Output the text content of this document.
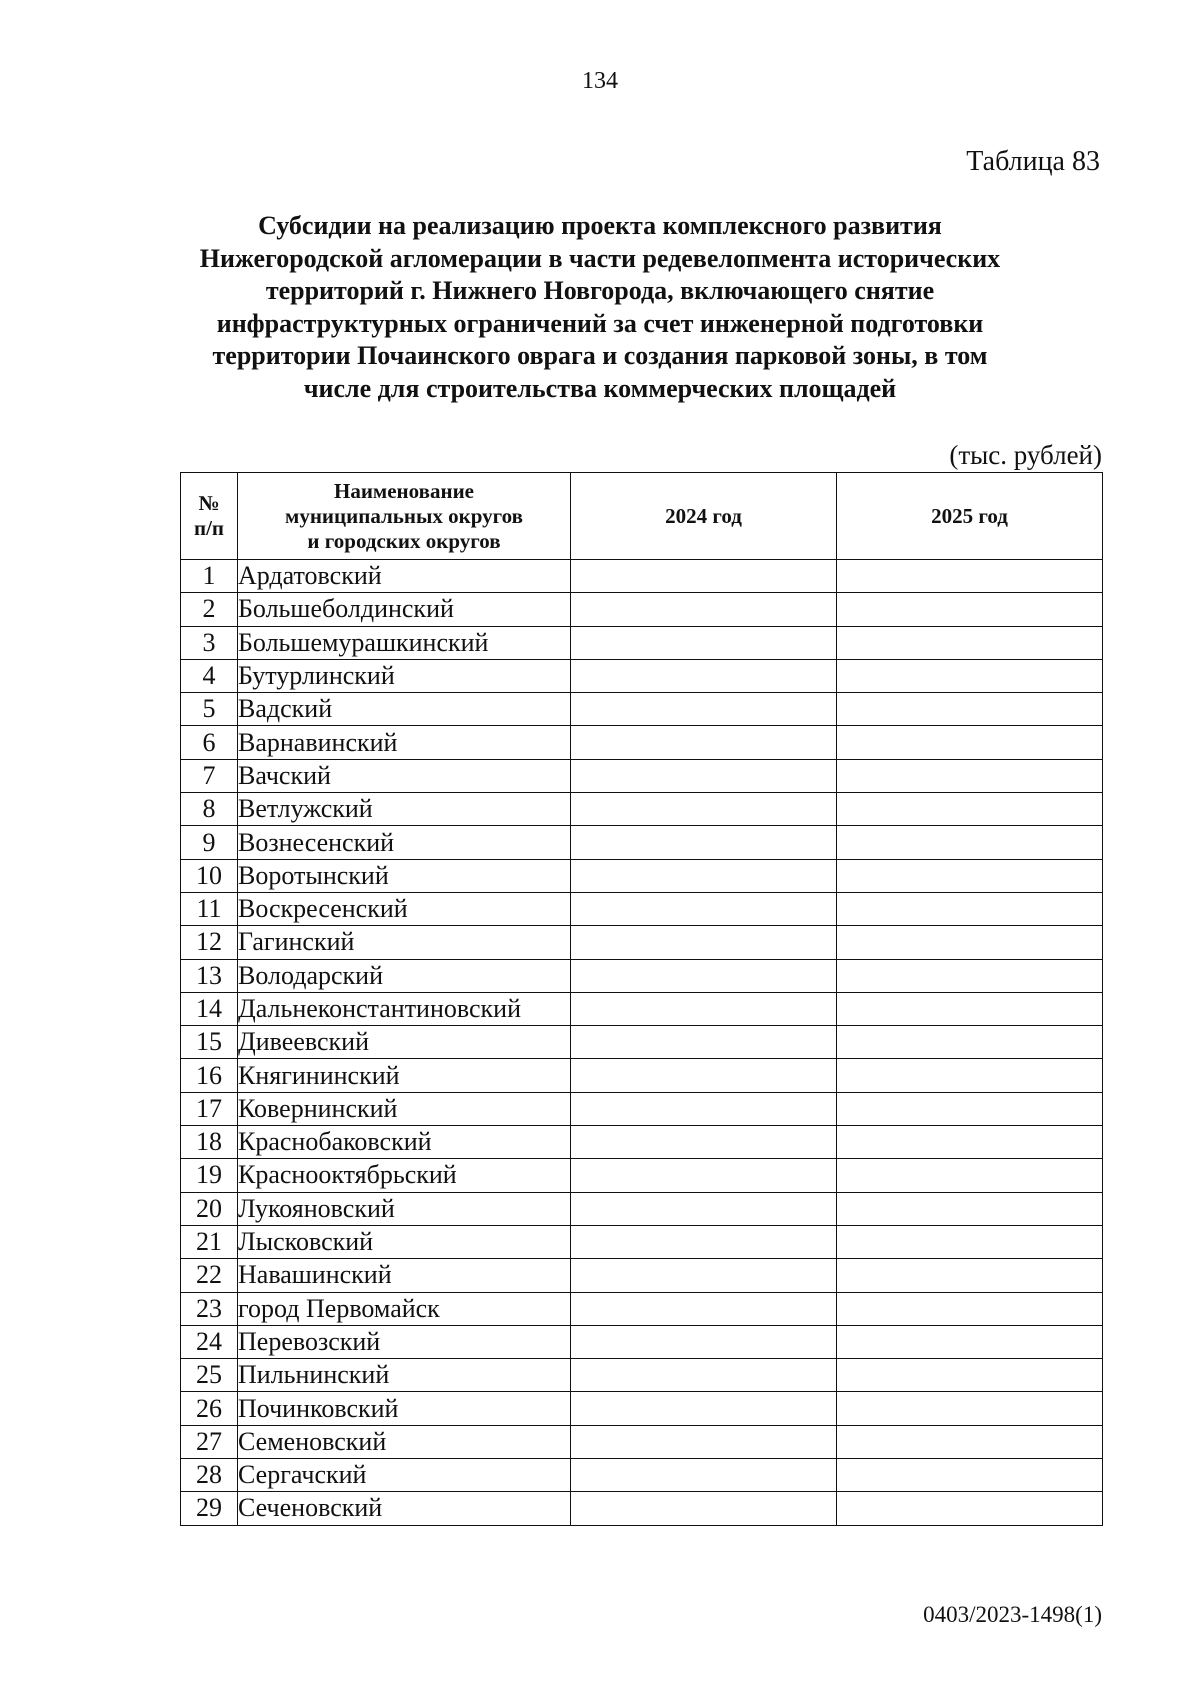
134
Таблица 83
Субсидии на реализацию проекта комплексного развития
Нижегородской агломерации в части редевелопмента исторических
территорий г. Нижнего Новгорода, включающего снятие
инфраструктурных ограничений за счет инженерной подготовки
территории Почаинского оврага и создания парковой зоны, в том
числе для строительства коммерческих площадей
(тыс. рублей)
№
п/п	Наименование
муниципальных округов
и городских округов	2024 год	2025 год
1	Ардатовский		
2	Большеболдинский		
3	Большемурашкинский		
4	Бутурлинский		
5	Вадский		
6	Варнавинский		
7	Вачский		
8	Ветлужский		
9	Вознесенский		
10	Воротынский		
11	Воскресенский		
12	Гагинский		
13	Володарский		
14	Дальнеконстантиновский		
15	Дивеевский		
16	Княгининский		
17	Ковернинский		
18	Краснобаковский		
19	Краснооктябрьский		
20	Лукояновский		
21	Лысковский		
22	Навашинский		
23	город Первомайск		
24	Перевозский		
25	Пильнинский		
26	Починковский		
27	Семеновский		
28	Сергачский		
29	Сеченовский		
0403/2023-1498(1)
